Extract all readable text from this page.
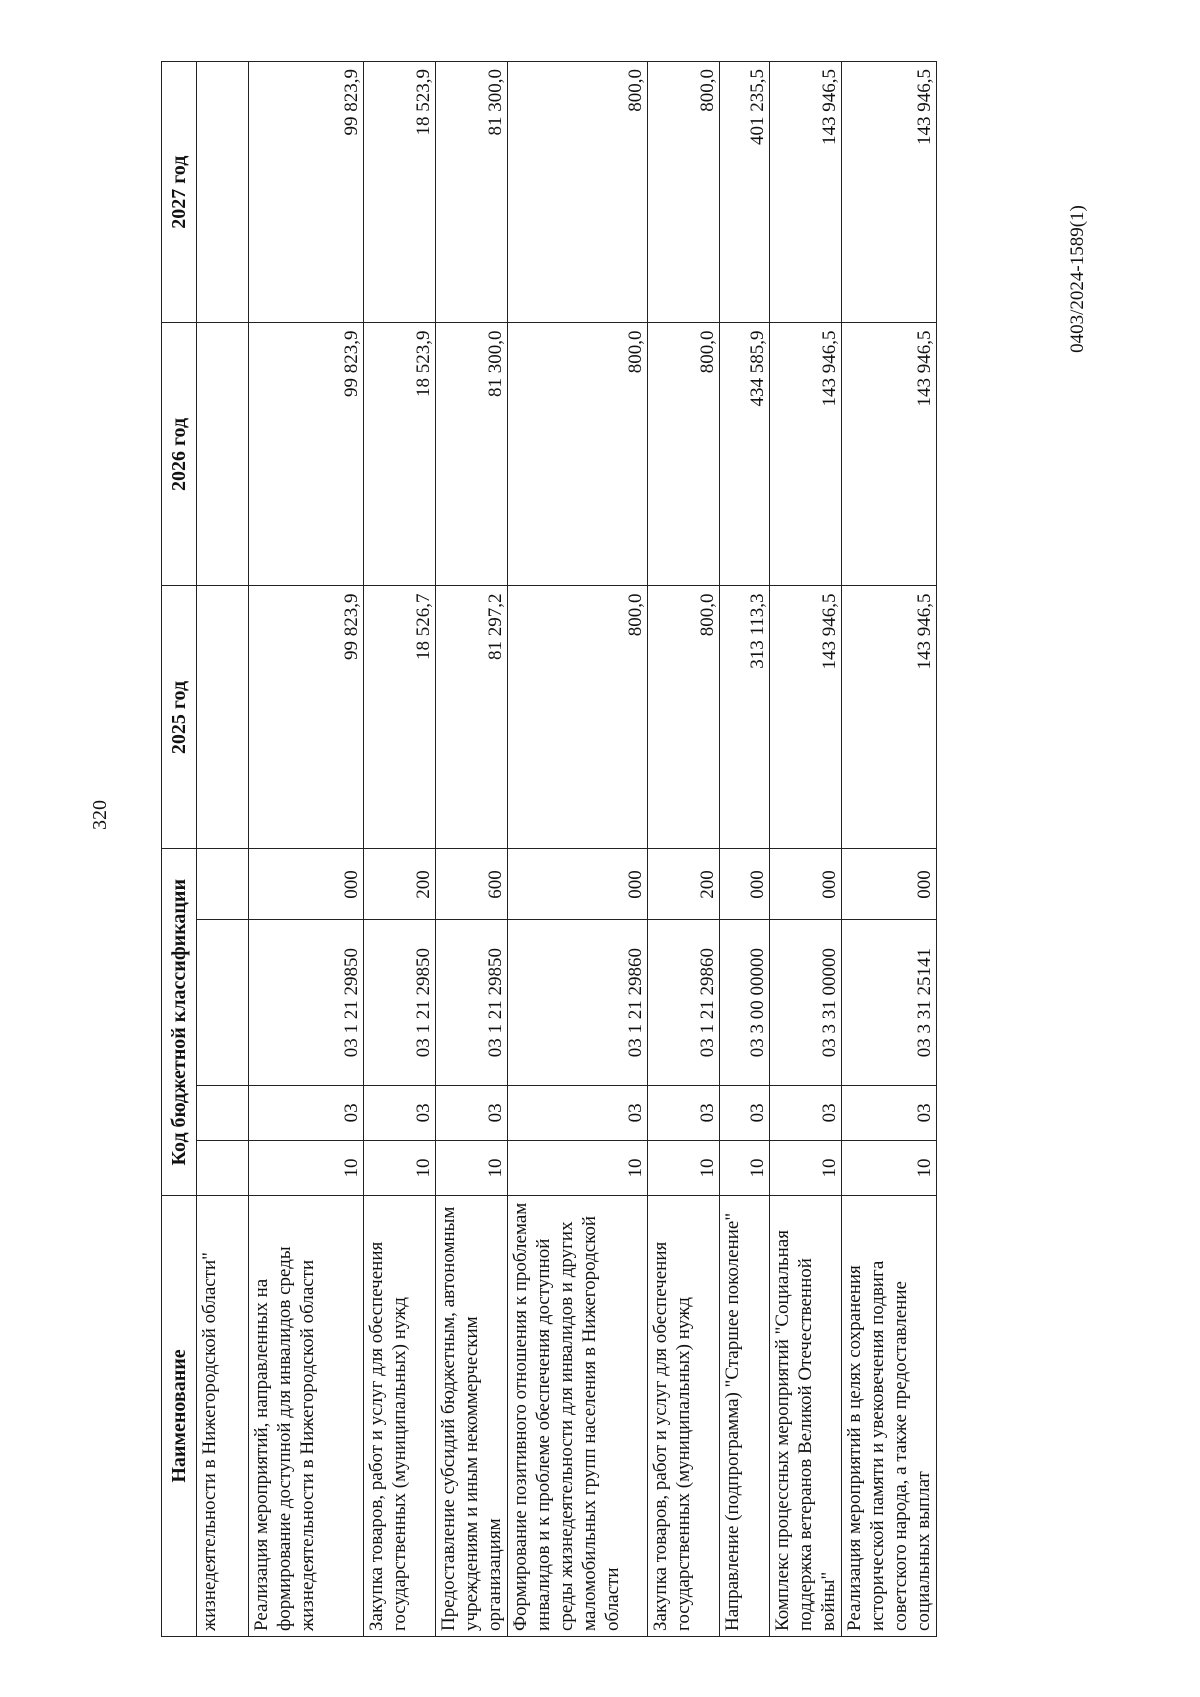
320
0403/2024-1589(1)
Наименование	Код бюджетной классификации				2025 год	2026 год	2027 год
жизнедеятельности в Нижегородской области"							
Реализация мероприятий, направленных на формирование доступной для инвалидов среды жизнедеятельности в Нижегородской области	10	03	03 1 21 29850	000	99 823,9	99 823,9	99 823,9
Закупка товаров, работ и услуг для обеспечения государственных (муниципальных) нужд	10	03	03 1 21 29850	200	18 526,7	18 523,9	18 523,9
Предоставление субсидий бюджетным, автономным учреждениям и иным некоммерческим организациям	10	03	03 1 21 29850	600	81 297,2	81 300,0	81 300,0
Формирование позитивного отношения к проблемам инвалидов и к проблеме обеспечения доступной среды жизнедеятельности для инвалидов и других маломобильных групп населения в Нижегородской области	10	03	03 1 21 29860	000	800,0	800,0	800,0
Закупка товаров, работ и услуг для обеспечения государственных (муниципальных) нужд	10	03	03 1 21 29860	200	800,0	800,0	800,0
Направление (подпрограмма) "Старшее поколение"	10	03	03 3 00 00000	000	313 113,3	434 585,9	401 235,5
Комплекс процессных мероприятий "Социальная поддержка ветеранов Великой Отечественной войны"	10	03	03 3 31 00000	000	143 946,5	143 946,5	143 946,5
Реализация мероприятий в целях сохранения исторической памяти и увековечения подвига советского народа, а также предоставление социальных выплат	10	03	03 3 31 25141	000	143 946,5	143 946,5	143 946,5
